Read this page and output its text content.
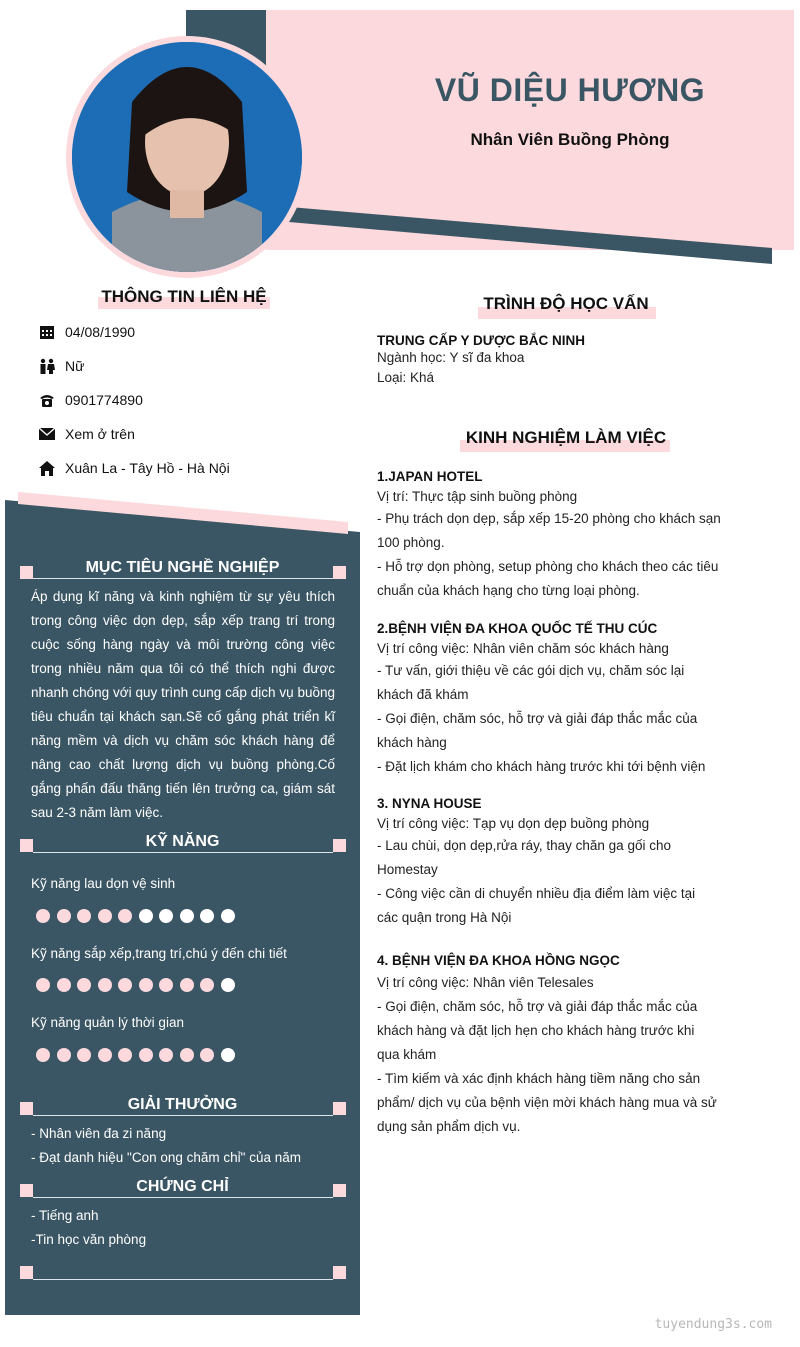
VŨ DIỆU HƯƠNG
Nhân Viên Buồng Phòng
THÔNG TIN LIÊN HỆ
04/08/1990
Nữ
0901774890
Xem ở trên
Xuân La - Tây Hồ - Hà Nội
MỤC TIÊU NGHỀ NGHIỆP
Áp dụng kĩ năng và kinh nghiệm từ sự yêu thích trong công việc dọn dẹp, sắp xếp trang trí trong cuộc sống hàng ngày và môi trường công việc trong nhiều năm qua tôi có thể thích nghi được nhanh chóng với quy trình cung cấp dịch vụ buồng tiêu chuẩn tại khách sạn.Sẽ cố gắng phát triển kĩ năng mềm và dịch vụ chăm sóc khách hàng để nâng cao chất lượng dịch vụ buồng phòng.Cố gắng phấn đấu thăng tiến lên trưởng ca, giám sát sau 2-3 năm làm việc.
KỸ NĂNG
Kỹ năng lau dọn vệ sinh
Kỹ năng sắp xếp,trang trí,chú ý đến chi tiết
Kỹ năng quản lý thời gian
GIẢI THƯỞNG
- Nhân viên đa zi năng
- Đạt danh hiệu "Con ong chăm chỉ" của năm
CHỨNG CHỈ
- Tiếng anh
-Tin học văn phòng
TRÌNH ĐỘ HỌC VẤN
TRUNG CẤP Y DƯỢC BẮC NINH
Ngành học: Y sĩ đa khoa
Loại: Khá
KINH NGHIỆM LÀM VIỆC
1.JAPAN HOTEL
Vị trí: Thực tập sinh buồng phòng
- Phụ trách dọn dẹp, sắp xếp 15-20 phòng cho khách sạn
100 phòng.
- Hỗ trợ dọn phòng, setup phòng cho khách theo các tiêu
chuẩn của khách hạng cho từng loại phòng.
2.BỆNH VIỆN ĐA KHOA QUỐC TẾ THU CÚC
Vị trí công việc: Nhân viên chăm sóc khách hàng
- Tư vấn, giới thiệu về các gói dịch vụ, chăm sóc lại
khách đã khám
- Gọi điện, chăm sóc, hỗ trợ và giải đáp thắc mắc của
khách hàng
- Đặt lịch khám cho khách hàng trước khi tới bệnh viện
3. NYNA HOUSE
Vị trí công việc: Tạp vụ dọn dẹp buồng phòng
- Lau chùi, dọn dẹp,rửa ráy, thay chăn ga gối cho
Homestay
- Công việc cần di chuyển nhiều địa điểm làm việc tại
các quận trong Hà Nội
4. BỆNH VIỆN ĐA KHOA HỒNG NGỌC
Vị trí công việc: Nhân viên Telesales
- Gọi điện, chăm sóc, hỗ trợ và giải đáp thắc mắc của
khách hàng và đặt lịch hẹn cho khách hàng trước khi
qua khám
- Tìm kiếm và xác định khách hàng tiềm năng cho sản
phẩm/ dịch vụ của bệnh viện mời khách hàng mua và sử
dụng sản phẩm dịch vụ.
tuyendung3s.com
